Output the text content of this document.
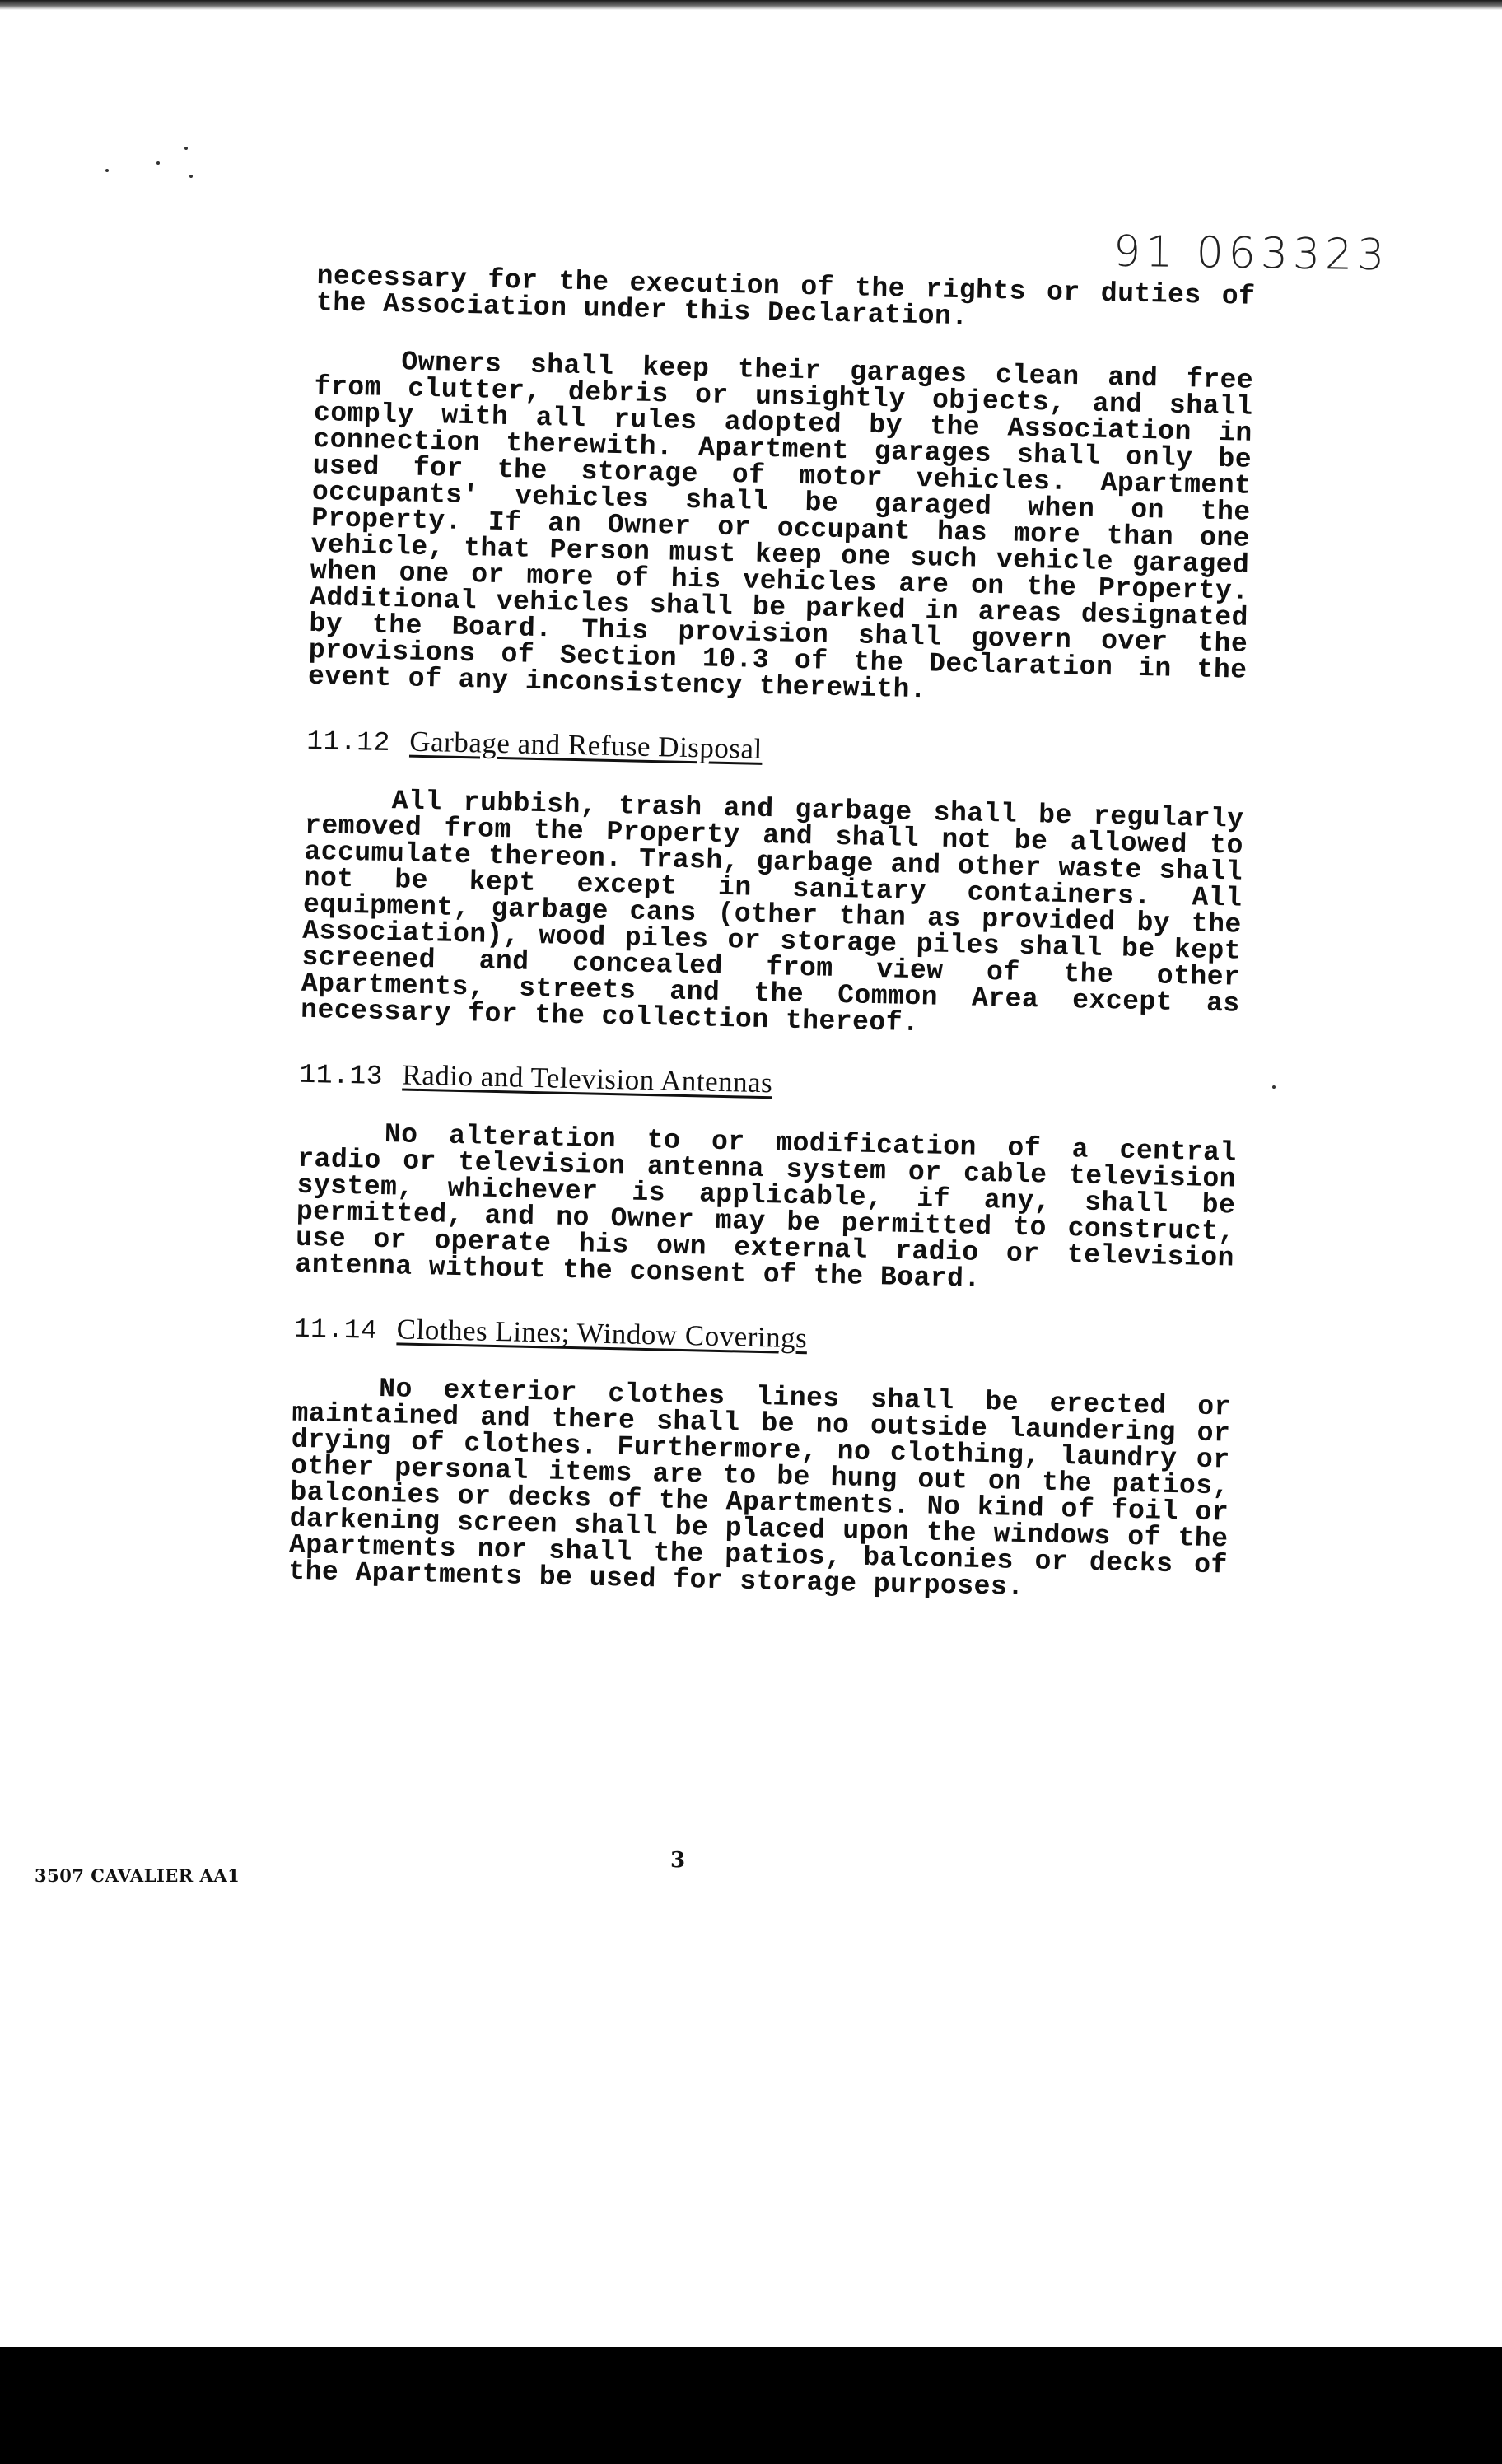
91 063323

necessary for the execution of the rights or duties of the Association under this Declaration.

Owners shall keep their garages clean and free from clutter, debris or unsightly objects, and shall comply with all rules adopted by the Association in connection therewith. Apartment garages shall only be used for the storage of motor vehicles. Apartment occupants' vehicles shall be garaged when on the Property. If an Owner or occupant has more than one vehicle, that Person must keep one such vehicle garaged when one or more of his vehicles are on the Property. Additional vehicles shall be parked in areas designated by the Board. This provision shall govern over the provisions of Section 10.3 of the Declaration in the event of any inconsistency therewith.

11.12 Garbage and Refuse Disposal

All rubbish, trash and garbage shall be regularly removed from the Property and shall not be allowed to accumulate thereon. Trash, garbage and other waste shall not be kept except in sanitary containers. All equipment, garbage cans (other than as provided by the Association), wood piles or storage piles shall be kept screened and concealed from view of the other Apartments, streets and the Common Area except as necessary for the collection thereof.

11.13 Radio and Television Antennas

No alteration to or modification of a central radio or television antenna system or cable television system, whichever is applicable, if any, shall be permitted, and no Owner may be permitted to construct, use or operate his own external radio or television antenna without the consent of the Board.

11.14 Clothes Lines; Window Coverings

No exterior clothes lines shall be erected or maintained and there shall be no outside laundering or drying of clothes. Furthermore, no clothing, laundry or other personal items are to be hung out on the patios, balconies or decks of the Apartments. No kind of foil or darkening screen shall be placed upon the windows of the Apartments nor shall the patios, balconies or decks of the Apartments be used for storage purposes.

3507 CAVALIER AA1
3
